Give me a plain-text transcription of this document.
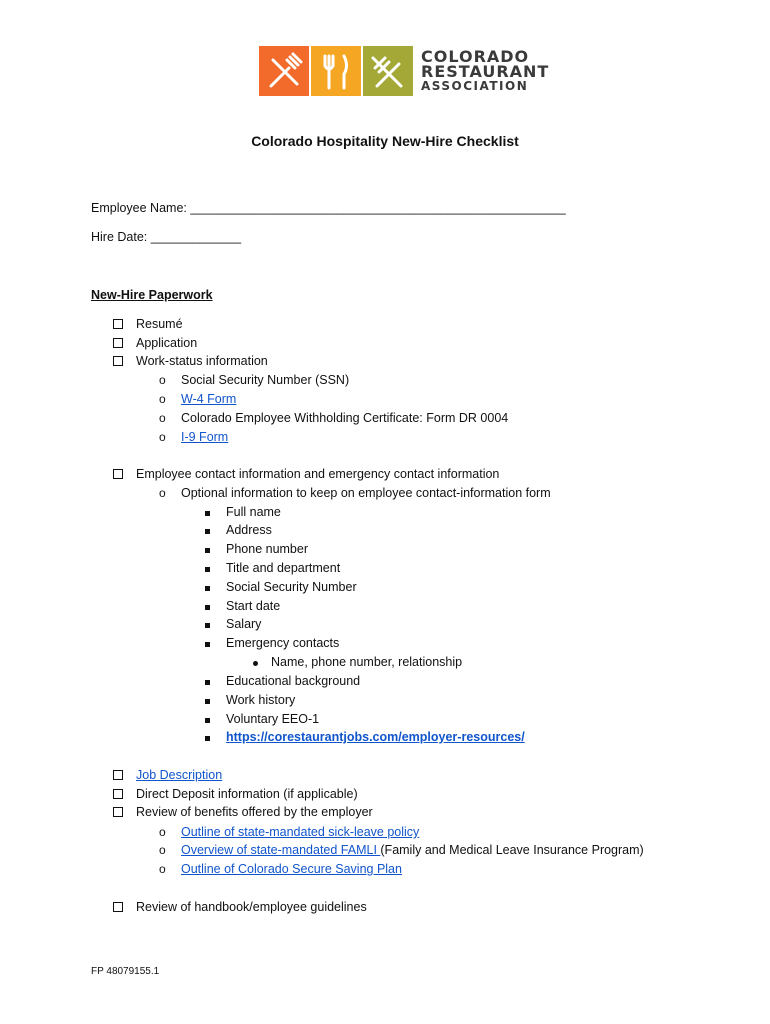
COLORADO
RESTAURANT
ASSOCIATION
Colorado Hospitality New-Hire Checklist
Employee Name: ______________________________________________________
Hire Date: _____________
New-Hire Paperwork
Resumé
Application
Work-status information
o Social Security Number (SSN)
o W-4 Form
o Colorado Employee Withholding Certificate: Form DR 0004
o I-9 Form
Employee contact information and emergency contact information
o Optional information to keep on employee contact-information form
Full name
Address
Phone number
Title and department
Social Security Number
Start date
Salary
Emergency contacts
Name, phone number, relationship
Educational background
Work history
Voluntary EEO-1
https://corestaurantjobs.com/employer-resources/
Job Description
Direct Deposit information (if applicable)
Review of benefits offered by the employer
o Outline of state-mandated sick-leave policy
o Overview of state-mandated FAMLI (Family and Medical Leave Insurance Program)
o Outline of Colorado Secure Saving Plan
Review of handbook/employee guidelines
FP 48079155.1
